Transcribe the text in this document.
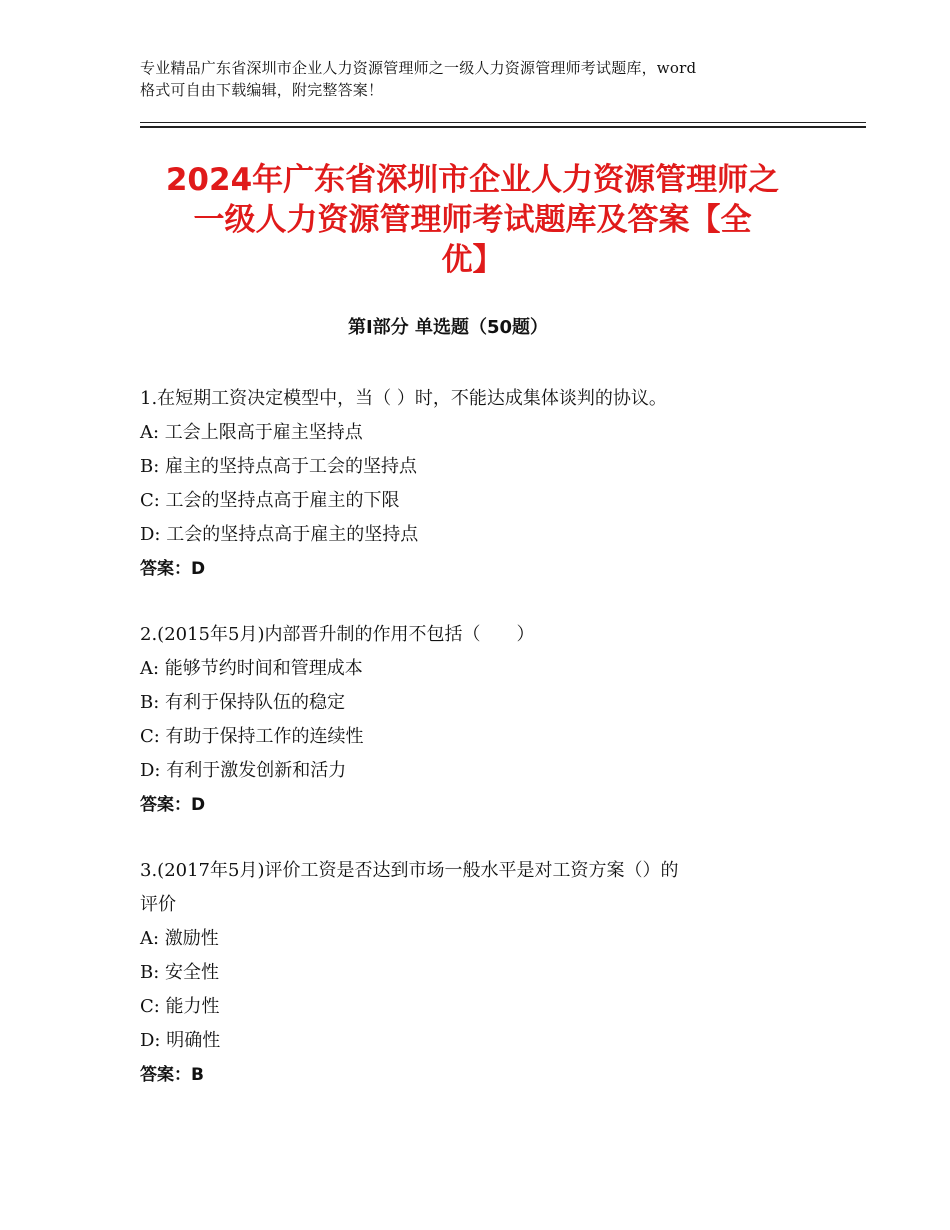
专业精品广东省深圳市企业人力资源管理师之一级人力资源管理师考试题库，word
格式可自由下载编辑，附完整答案！
2024年广东省深圳市企业人力资源管理师之
一级人力资源管理师考试题库及答案【全
优】
第Ⅰ部分 单选题（50题）
1.在短期工资决定模型中，当（ ）时，不能达成集体谈判的协议。
A: 工会上限高于雇主坚持点
B: 雇主的坚持点高于工会的坚持点
C: 工会的坚持点高于雇主的下限
D: 工会的坚持点高于雇主的坚持点
答案：D
2.(2015年5月)内部晋升制的作用不包括（　　）
A: 能够节约时间和管理成本
B: 有利于保持队伍的稳定
C: 有助于保持工作的连续性
D: 有利于激发创新和活力
答案：D
3.(2017年5月)评价工资是否达到市场一般水平是对工资方案（）的
评价
A: 激励性
B: 安全性
C: 能力性
D: 明确性
答案：B
